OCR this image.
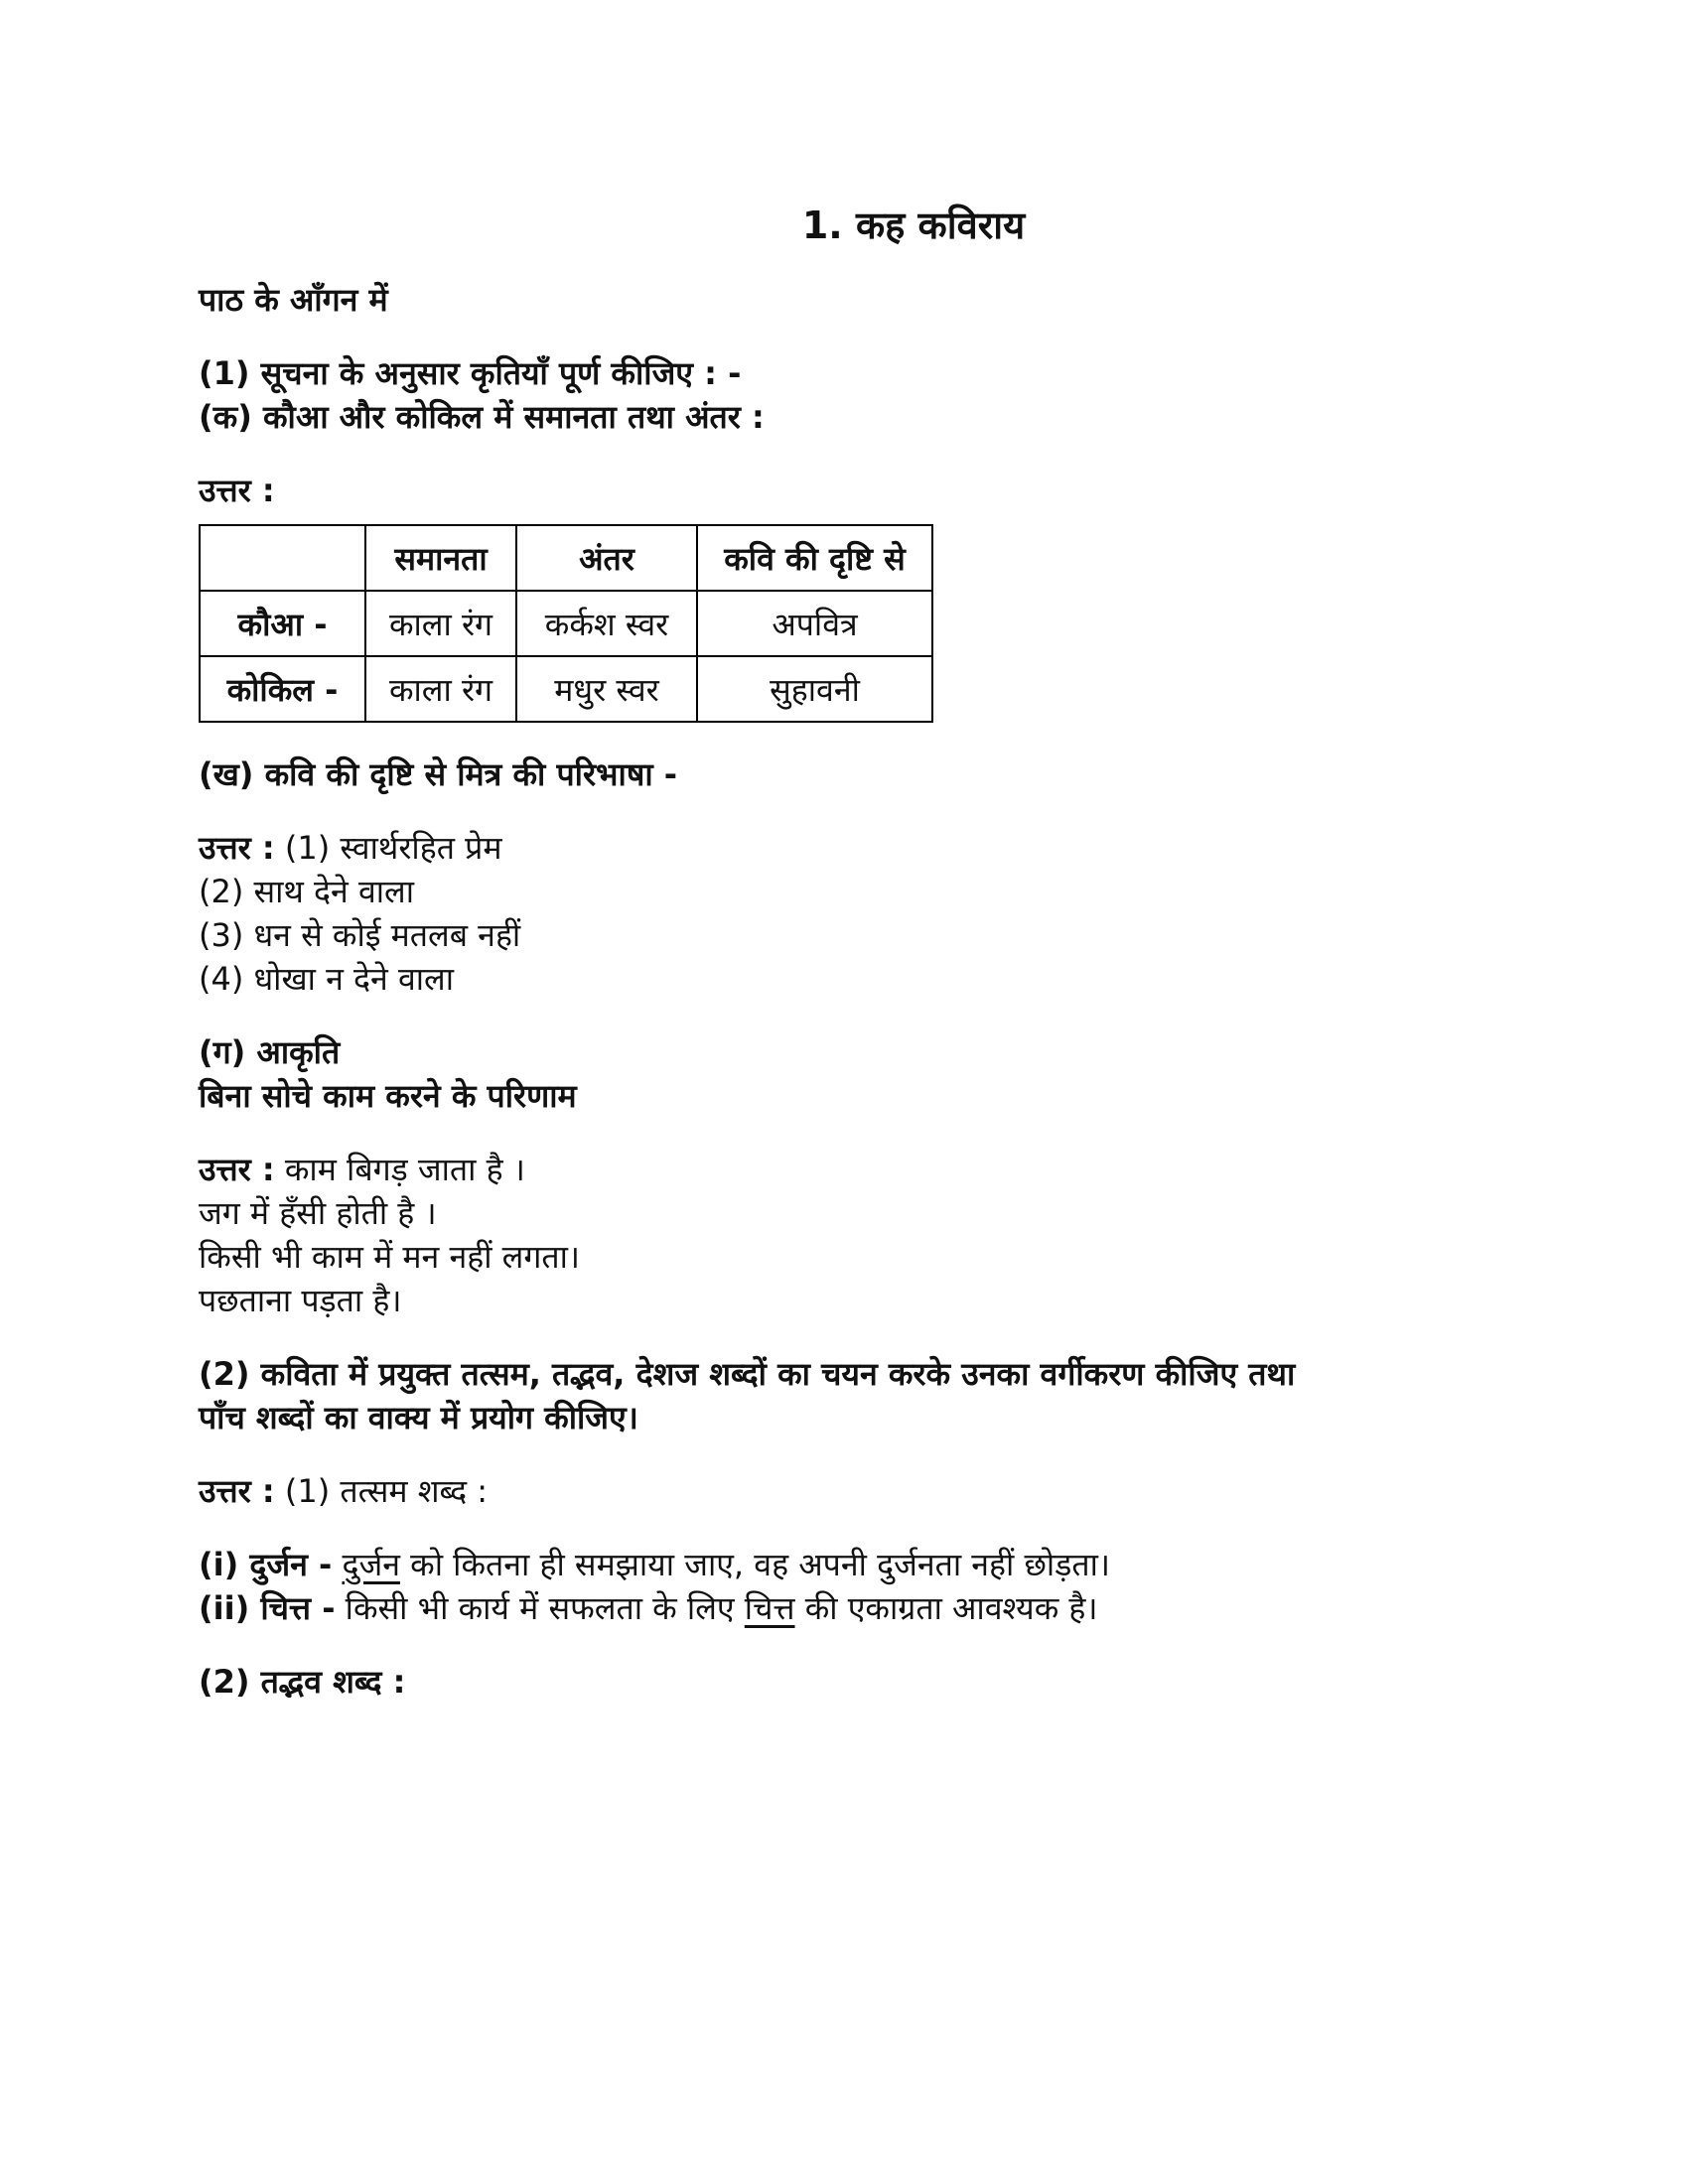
1. कह कविराय

पाठ के आँगन में

(1) सूचना के अनुसार कृतियाँ पूर्ण कीजिए : -

(क) कौआ और कोकिल में समानता तथा अंतर :

उत्तर :

	समानता	अंतर	कवि की दृष्टि से
कौआ -	काला रंग	कर्कश स्वर	अपवित्र
कोकिल -	काला रंग	मधुर स्वर	सुहावनी

(ख) कवि की दृष्टि से मित्र की परिभाषा -

उत्तर : (1) स्वार्थरहित प्रेम

(2) साथ देने वाला

(3) धन से कोई मतलब नहीं

(4) धोखा न देने वाला

(ग) आकृति

बिना सोचे काम करने के परिणाम

उत्तर : काम बिगड़ जाता है ।

जग में हँसी होती है ।

किसी भी काम में मन नहीं लगता।

पछताना पड़ता है।

(2) कविता में प्रयुक्त तत्सम, तद्भव, देशज शब्दों का चयन करके उनका वर्गीकरण कीजिए तथा

पाँच शब्दों का वाक्य में प्रयोग कीजिए।

उत्तर : (1) तत्सम शब्द :

(i) दुर्जन - दुर्जन को कितना ही समझाया जाए, वह अपनी दुर्जनता नहीं छोड़ता।

(ii) चित्त - किसी भी कार्य में सफलता के लिए चित्त की एकाग्रता आवश्यक है।

(2) तद्भव शब्द :
